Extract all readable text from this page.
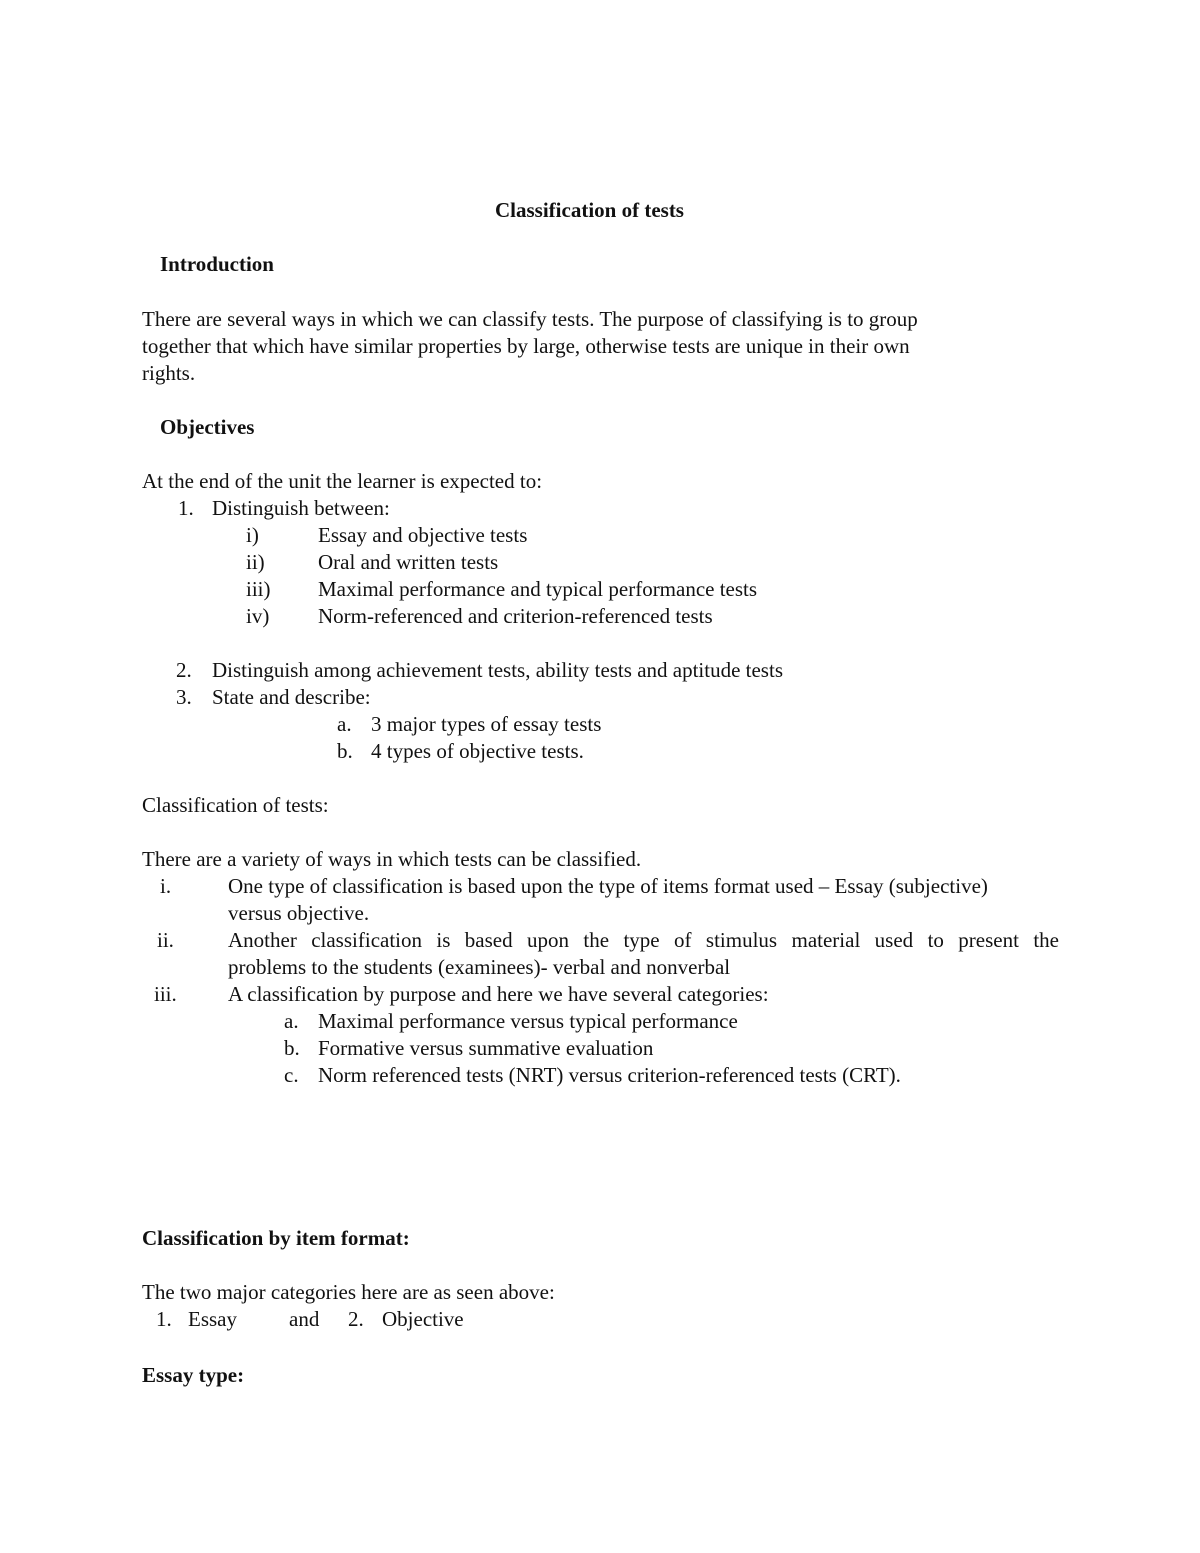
Classification of tests
Introduction
There are several ways in which we can classify tests. The purpose of classifying is to group
together that which have similar properties by large, otherwise tests are unique in their own
rights.
Objectives
At the end of the unit the learner is expected to:
1. Distinguish between:
i)	Essay and objective tests
ii)	Oral and written tests
iii) Maximal performance and typical performance tests
iv) Norm-referenced and criterion-referenced tests
2. Distinguish among achievement tests, ability tests and aptitude tests
3. State and describe:
a. 3 major types of essay tests
b. 4 types of objective tests.
Classification of tests:
There are a variety of ways in which tests can be classified.
i.	One type of classification is based upon the type of items format used – Essay (subjective)
versus objective.
ii.	Another classification is based upon the type of stimulus material used to present the
problems to the students (examinees)- verbal and nonverbal
iii. A classification by purpose and here we have several categories:
a. Maximal performance versus typical performance
b. Formative versus summative evaluation
c. Norm referenced tests (NRT) versus criterion-referenced tests (CRT).
Classification by item format:
The two major categories here are as seen above:
1. Essay and 2. Objective
Essay type:
